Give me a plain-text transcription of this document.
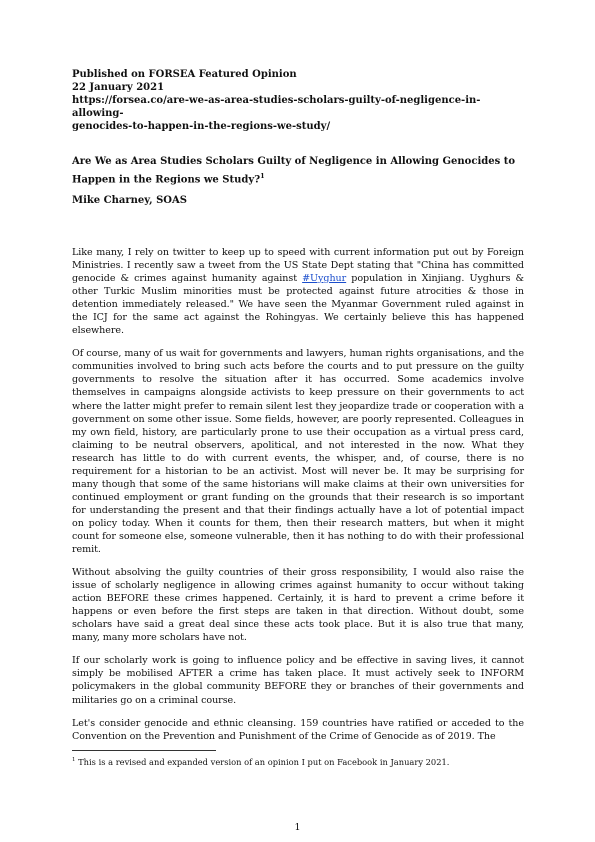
Published on FORSEA Featured Opinion
22 January 2021
https://forsea.co/are-we-as-area-studies-scholars-guilty-of-negligence-in-allowing-
genocides-to-happen-in-the-regions-we-study/
Are We as Area Studies Scholars Guilty of Negligence in Allowing Genocides to Happen in the Regions we Study?$^1$
Mike Charney, SOAS

Like many, I rely on twitter to keep up to speed with current information put out by Foreign Ministries. I recently saw a tweet from the US State Dept stating that "China has committed genocide & crimes against humanity against #Uyghur population in Xinjiang. Uyghurs & other Turkic Muslim minorities must be protected against future atrocities & those in detention immediately released." We have seen the Myanmar Government ruled against in the ICJ for the same act against the Rohingyas. We certainly believe this has happened elsewhere.

Of course, many of us wait for governments and lawyers, human rights organisations, and the communities involved to bring such acts before the courts and to put pressure on the guilty governments to resolve the situation after it has occurred. Some academics involve themselves in campaigns alongside activists to keep pressure on their governments to act where the latter might prefer to remain silent lest they jeopardize trade or cooperation with a government on some other issue. Some fields, however, are poorly represented. Colleagues in my own field, history, are particularly prone to use their occupation as a virtual press card, claiming to be neutral observers, apolitical, and not interested in the now. What they research has little to do with current events, the whisper, and, of course, there is no requirement for a historian to be an activist. Most will never be. It may be surprising for many though that some of the same historians will make claims at their own universities for continued employment or grant funding on the grounds that their research is so important for understanding the present and that their findings actually have a lot of potential impact on policy today. When it counts for them, then their research matters, but when it might count for someone else, someone vulnerable, then it has nothing to do with their professional remit.

Without absolving the guilty countries of their gross responsibility, I would also raise the issue of scholarly negligence in allowing crimes against humanity to occur without taking action BEFORE these crimes happened. Certainly, it is hard to prevent a crime before it happens or even before the first steps are taken in that direction. Without doubt, some scholars have said a great deal since these acts took place. But it is also true that many, many, many more scholars have not.

If our scholarly work is going to influence policy and be effective in saving lives, it cannot simply be mobilised AFTER a crime has taken place. It must actively seek to INFORM policymakers in the global community BEFORE they or branches of their governments and militaries go on a criminal course.

Let's consider genocide and ethnic cleansing. 159 countries have ratified or acceded to the Convention on the Prevention and Punishment of the Crime of Genocide as of 2019. The

$^1$ This is a revised and expanded version of an opinion I put on Facebook in January 2021.
1
